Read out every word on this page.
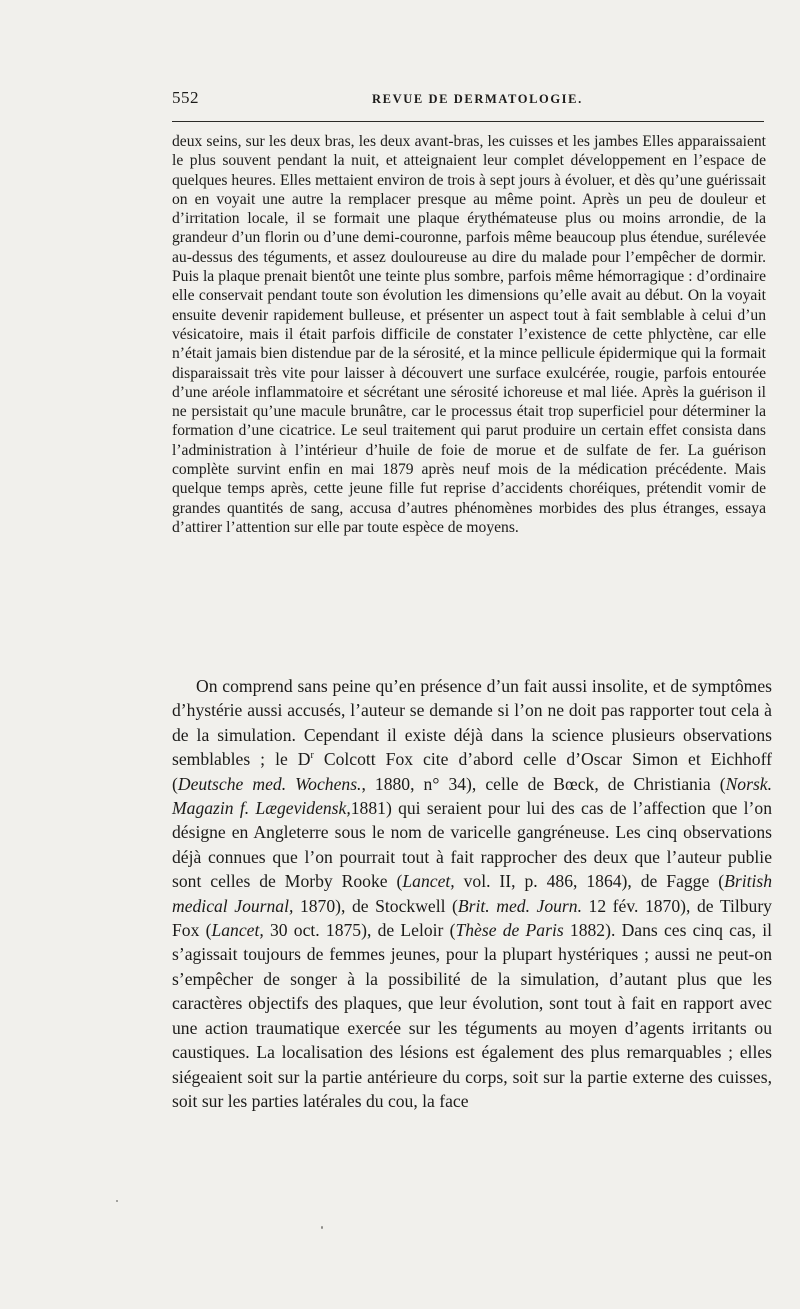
552	REVUE DE DERMATOLOGIE.

deux seins, sur les deux bras, les deux avant-bras, les cuisses et les jambes Elles apparaissaient le plus souvent pendant la nuit, et atteignaient leur complet développement en l’espace de quelques heures. Elles mettaient environ de trois à sept jours à évoluer, et dès qu’une guérissait on en voyait une autre la remplacer presque au même point. Après un peu de douleur et d’irritation locale, il se formait une plaque érythémateuse plus ou moins arrondie, de la grandeur d’un florin ou d’une demi-couronne, parfois même beaucoup plus étendue, surélevée au-dessus des téguments, et assez douloureuse au dire du malade pour l’empêcher de dormir. Puis la plaque prenait bientôt une teinte plus sombre, parfois même hémorragique : d’ordinaire elle conservait pendant toute son évolution les dimensions qu’elle avait au début. On la voyait ensuite devenir rapidement bulleuse, et présenter un aspect tout à fait semblable à celui d’un vésicatoire, mais il était parfois difficile de constater l’existence de cette phlyctène, car elle n’était jamais bien distendue par de la sérosité, et la mince pellicule épidermique qui la formait disparaissait très vite pour laisser à découvert une surface exulcérée, rougie, parfois entourée d’une aréole inflammatoire et sécrétant une sérosité ichoreuse et mal liée. Après la guérison il ne persistait qu’une macule brunâtre, car le processus était trop superficiel pour déterminer la formation d’une cicatrice. Le seul traitement qui parut produire un certain effet consista dans l’administration à l’intérieur d’huile de foie de morue et de sulfate de fer. La guérison complète survint enfin en mai 1879 après neuf mois de la médication précédente. Mais quelque temps après, cette jeune fille fut reprise d’accidents choréiques, prétendit vomir de grandes quantités de sang, accusa d’autres phénomènes morbides des plus étranges, essaya d’attirer l’attention sur elle par toute espèce de moyens.

On comprend sans peine qu’en présence d’un fait aussi insolite, et de symptômes d’hystérie aussi accusés, l’auteur se demande si l’on ne doit pas rapporter tout cela à de la simulation. Cependant il existe déjà dans la science plusieurs observations semblables ; le $D^r$ Colcott Fox cite d’abord celle d’Oscar Simon et Eichhoff (Deutsche med. Wochens., 1880, n° 34), celle de Bœck, de Christiania (Norsk. Magazin f. Lægevidensk,1881) qui seraient pour lui des cas de l’affection que l’on désigne en Angleterre sous le nom de varicelle gangréneuse. Les cinq observations déjà connues que l’on pourrait tout à fait rapprocher des deux que l’auteur publie sont celles de Morby Rooke (Lancet, vol. II, p. 486, 1864), de Fagge (British medical Journal, 1870), de Stockwell (Brit. med. Journ. 12 fév. 1870), de Tilbury Fox (Lancet, 30 oct. 1875), de Leloir (Thèse de Paris 1882). Dans ces cinq cas, il s’agissait toujours de femmes jeunes, pour la plupart hystériques ; aussi ne peut-on s’empêcher de songer à la possibilité de la simulation, d’autant plus que les caractères objectifs des plaques, que leur évolution, sont tout à fait en rapport avec une action traumatique exercée sur les téguments au moyen d’agents irritants ou caustiques. La localisation des lésions est également des plus remarquables ; elles siégeaient soit sur la partie antérieure du corps, soit sur la partie externe des cuisses, soit sur les parties latérales du cou, la face
